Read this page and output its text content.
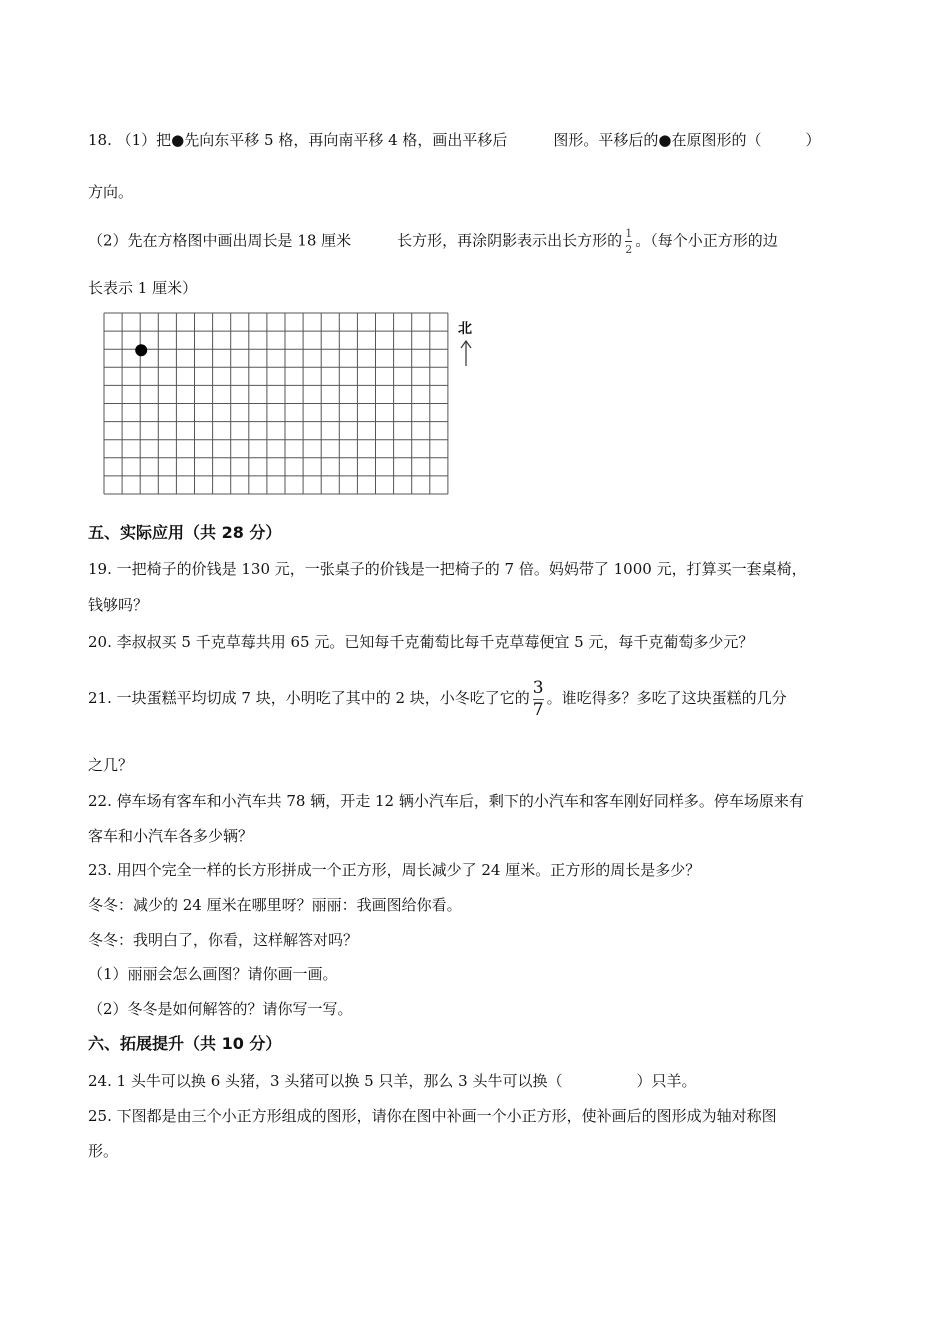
18. （1）把●先向东平移 5 格，再向南平移 4 格，画出平移后	图形。平移后的●在原图形的（	）
方向。
（2）先在方格图中画出周长是 18 厘米	长方形，再涂阴影表示出长方形的 $\frac{1}{2}$ 。（每个小正方形的边
长表示 1 厘米）
北
五、实际应用（共 28 分）
19. 一把椅子的价钱是 130 元，一张桌子的价钱是一把椅子的 7 倍。妈妈带了 1000 元，打算买一套桌椅，
钱够吗？
20. 李叔叔买 5 千克草莓共用 65 元。已知每千克葡萄比每千克草莓便宜 5 元，每千克葡萄多少元？
21. 一块蛋糕平均切成 7 块，小明吃了其中的 2 块，小冬吃了它的 $\frac{3}{7}$ 。谁吃得多？多吃了这块蛋糕的几分
之几？
22. 停车场有客车和小汽车共 78 辆，开走 12 辆小汽车后，剩下的小汽车和客车刚好同样多。停车场原来有
客车和小汽车各多少辆？
23. 用四个完全一样的长方形拼成一个正方形，周长减少了 24 厘米。正方形的周长是多少？
冬冬：减少的 24 厘米在哪里呀？丽丽：我画图给你看。
冬冬：我明白了，你看，这样解答对吗？
（1）丽丽会怎么画图？请你画一画。
（2）冬冬是如何解答的？请你写一写。
六、拓展提升（共 10 分）
24. 1 头牛可以换 6 头猪，3 头猪可以换 5 只羊，那么 3 头牛可以换（	）只羊。
25. 下图都是由三个小正方形组成的图形，请你在图中补画一个小正方形，使补画后的图形成为轴对称图
形。
